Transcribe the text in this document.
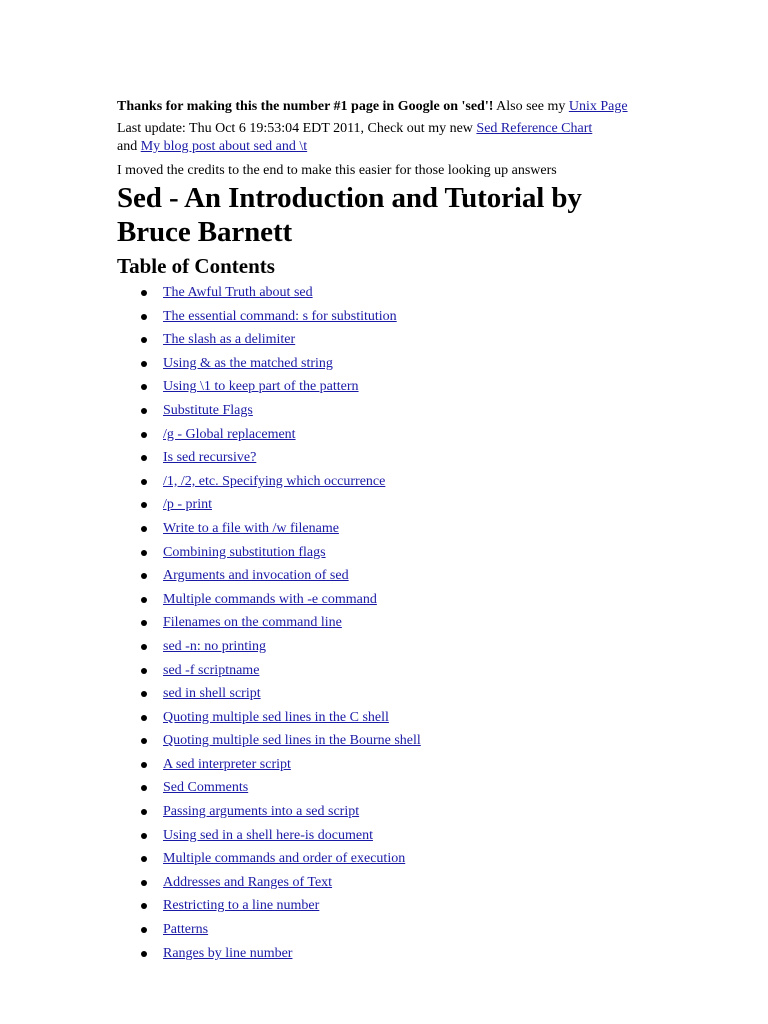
Thanks for making this the number #1 page in Google on 'sed'! Also see my Unix Page

Last update: Thu Oct 6 19:53:04 EDT 2011, Check out my new Sed Reference Chart
and My blog post about sed and \t

I moved the credits to the end to make this easier for those looking up answers

Sed - An Introduction and Tutorial by Bruce Barnett
Table of Contents
The Awful Truth about sed
The essential command: s for substitution
The slash as a delimiter
Using & as the matched string
Using \1 to keep part of the pattern
Substitute Flags
/g - Global replacement
Is sed recursive?
/1, /2, etc. Specifying which occurrence
/p - print
Write to a file with /w filename
Combining substitution flags
Arguments and invocation of sed
Multiple commands with -e command
Filenames on the command line
sed -n: no printing
sed -f scriptname
sed in shell script
Quoting multiple sed lines in the C shell
Quoting multiple sed lines in the Bourne shell
A sed interpreter script
Sed Comments
Passing arguments into a sed script
Using sed in a shell here-is document
Multiple commands and order of execution
Addresses and Ranges of Text
Restricting to a line number
Patterns
Ranges by line number
